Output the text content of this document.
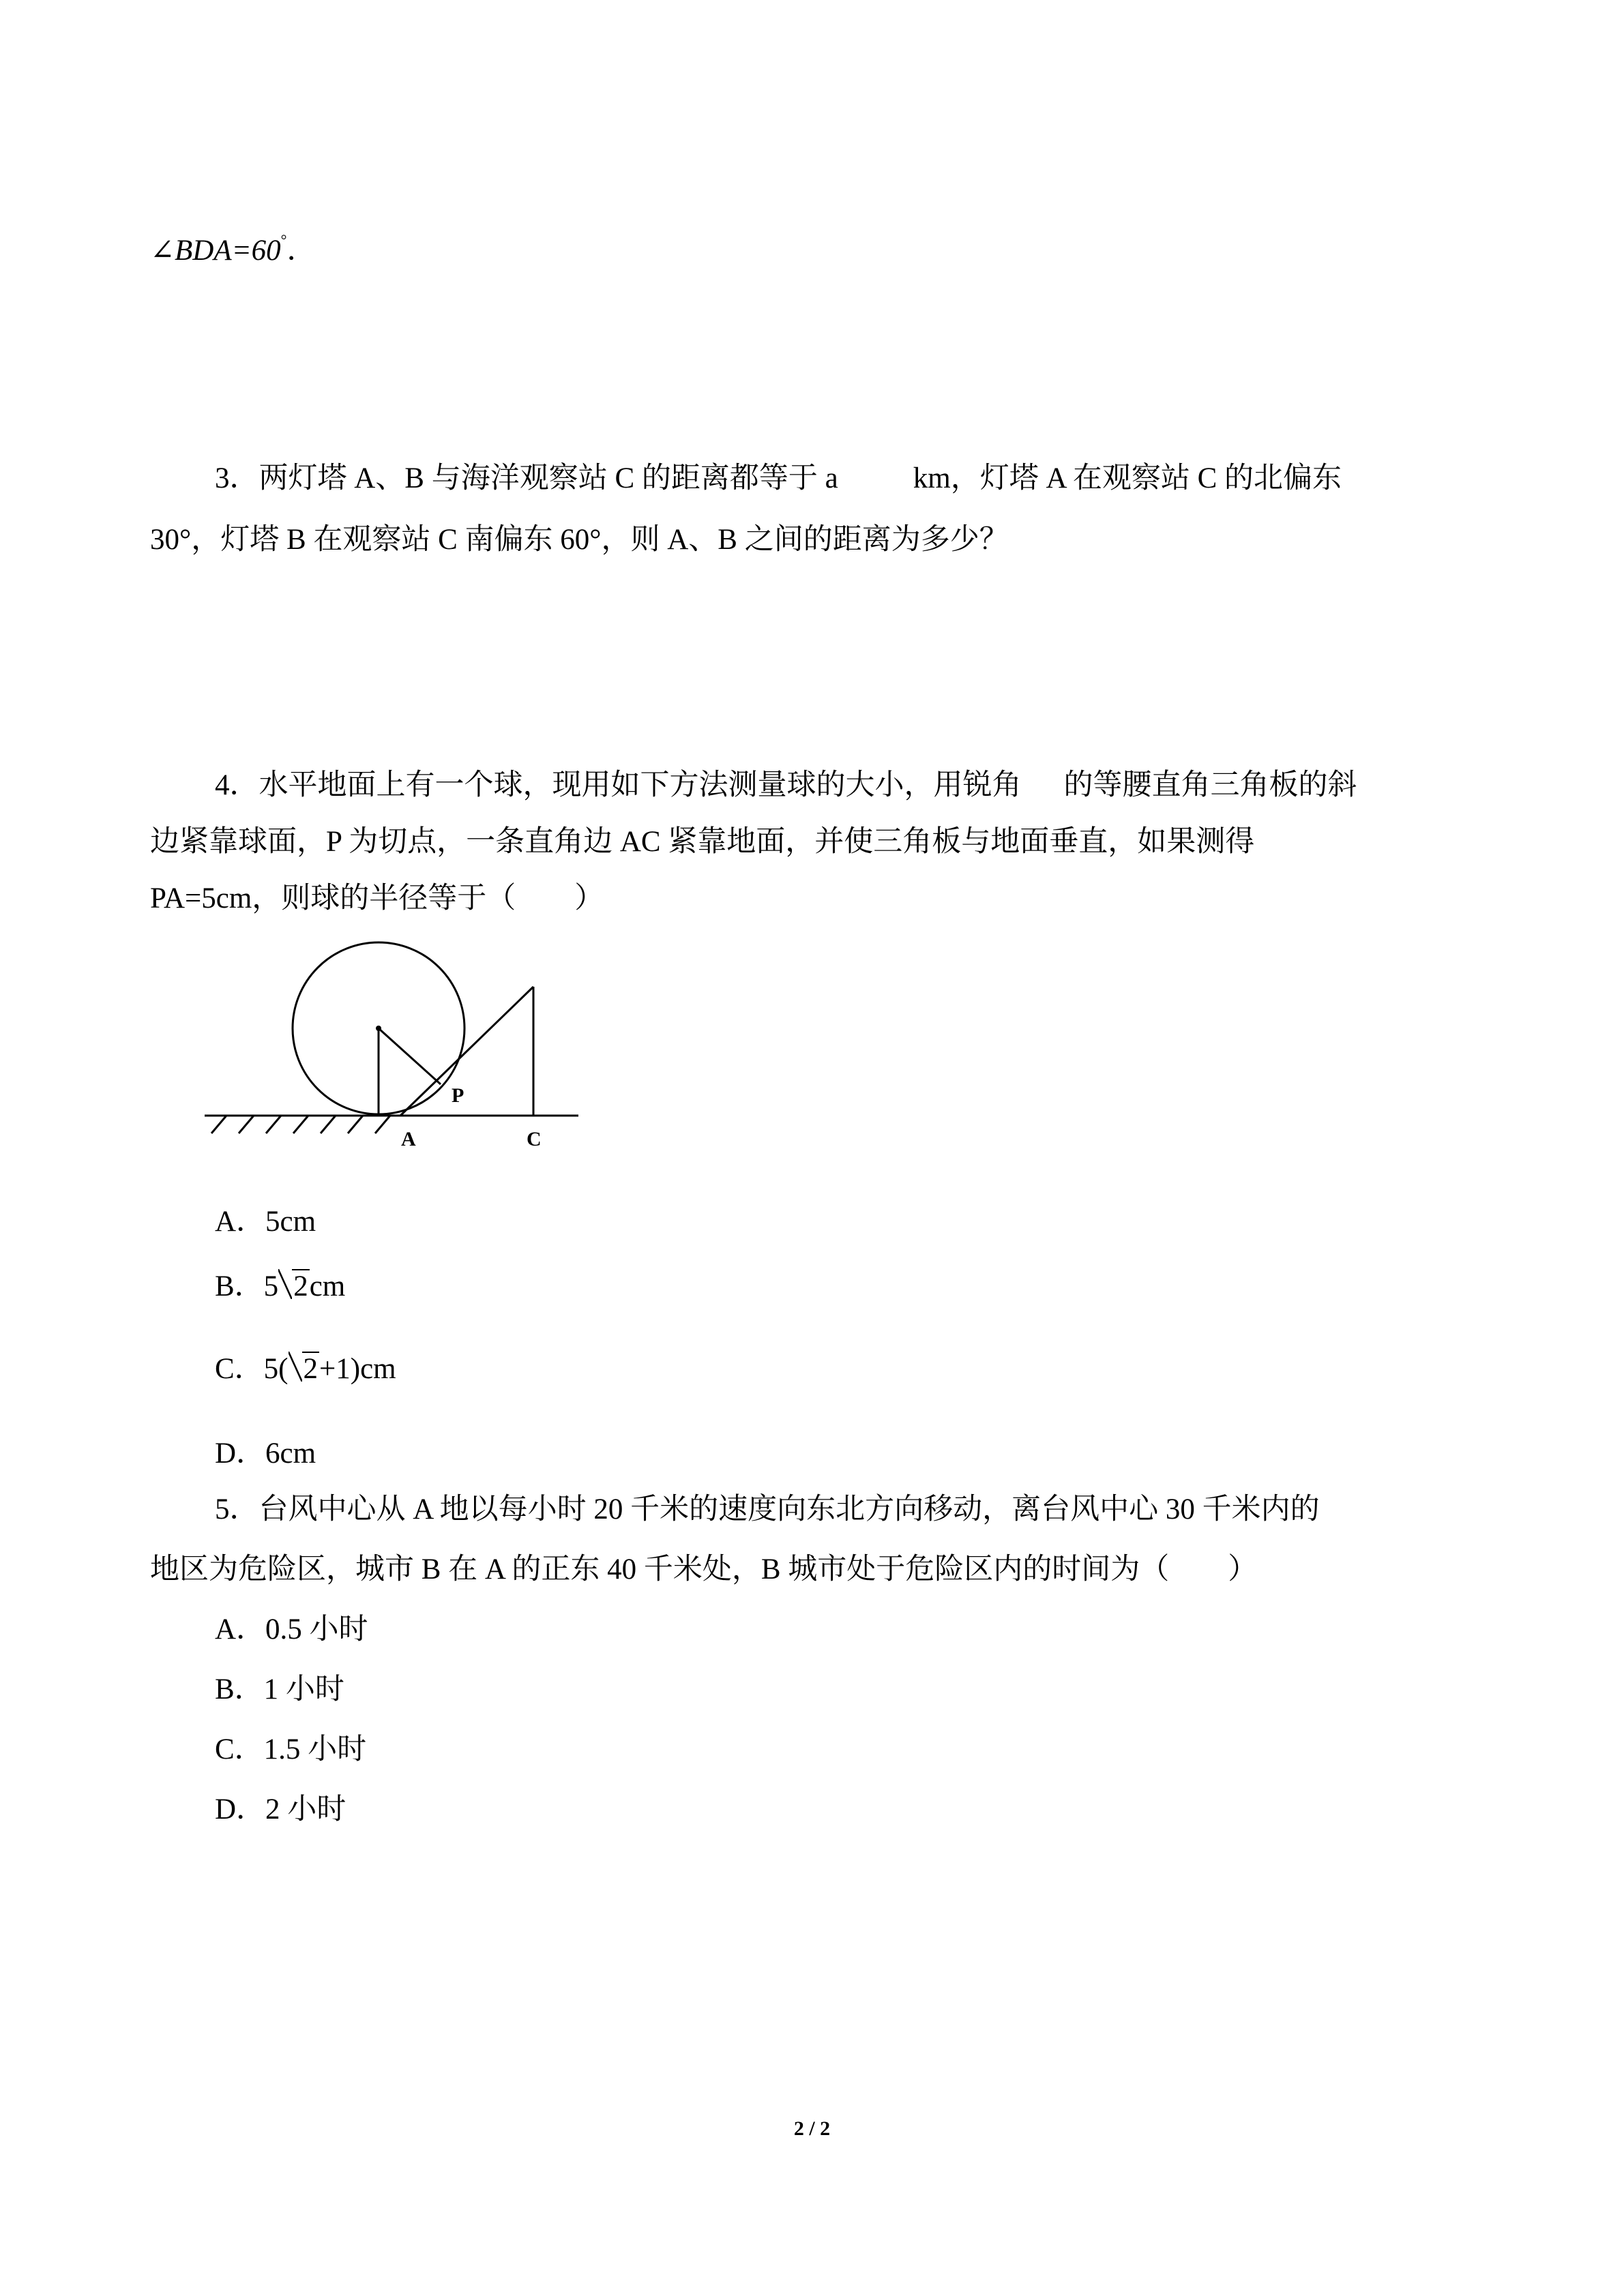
∠BDA=60°．

3．两灯塔 A、B 与海洋观察站 C 的距离都等于 a	km，灯塔 A 在观察站 C 的北偏东

30°，灯塔 B 在观察站 C 南偏东 60°，则 A、B 之间的距离为多少？

4．水平地面上有一个球，现用如下方法测量球的大小，用锐角 的等腰直角三角板的斜

边紧靠球面，P 为切点，一条直角边 AC 紧靠地面，并使三角板与地面垂直，如果测得

PA=5cm，则球的半径等于（　　）

P
A	C

A．5cm

B．5 2cm

C．5( 2+1)cm

D．6cm

5．台风中心从 A 地以每小时 20 千米的速度向东北方向移动，离台风中心 30 千米内的

地区为危险区，城市 B 在 A 的正东 40 千米处，B 城市处于危险区内的时间为（　　）

A．0.5 小时

B．1 小时

C．1.5 小时

D．2 小时

2 / 2
